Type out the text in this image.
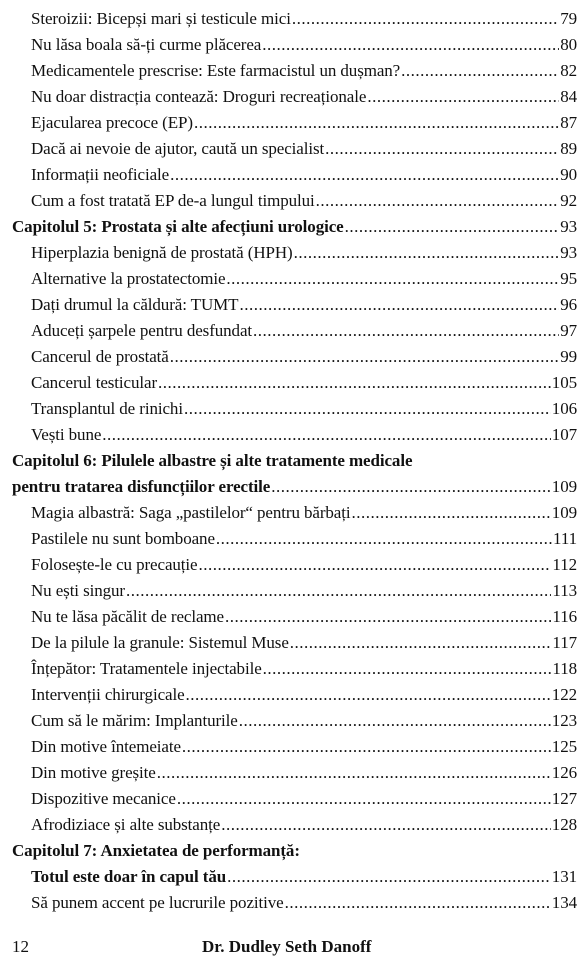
Steroizii: Bicepși mari și testicule mici .....	79
Nu lăsa boala să-ți curme plăcerea .....	80
Medicamentele prescrise: Este farmacistul un dușman? .....	82
Nu doar distracția contează: Droguri recreaționale .....	84
Ejacularea precoce (EP) .....	87
Dacă ai nevoie de ajutor, caută un specialist .....	89
Informații neoficiale .....	90
Cum a fost tratată EP de-a lungul timpului .....	92
Capitolul 5: Prostata și alte afecțiuni urologice .....	93
Hiperplazia benignă de prostată (HPH) .....	93
Alternative la prostatectomie .....	95
Dați drumul la căldură: TUMT .....	96
Aduceți șarpele pentru desfundat .....	97
Cancerul de prostată .....	99
Cancerul testicular .....	105
Transplantul de rinichi .....	106
Vești bune .....	107
Capitolul 6: Pilulele albastre și alte tratamente medicale
pentru tratarea disfuncțiilor erectile .....	109
Magia albastră: Saga „pastilelor“ pentru bărbați .....	109
Pastilele nu sunt bomboane .....	111
Folosește-le cu precauție .....	112
Nu ești singur .....	113
Nu te lăsa păcălit de reclame .....	116
De la pilule la granule: Sistemul Muse .....	117
Înțepător: Tratamentele injectabile .....	118
Intervenții chirurgicale .....	122
Cum să le mărim: Implanturile .....	123
Din motive întemeiate .....	125
Din motive greșite .....	126
Dispozitive mecanice .....	127
Afrodiziace și alte substanțe .....	128
Capitolul 7: Anxietatea de performanță:
Totul este doar în capul tău .....	131
Să punem accent pe lucrurile pozitive .....	134
12	Dr. Dudley Seth Danoff
